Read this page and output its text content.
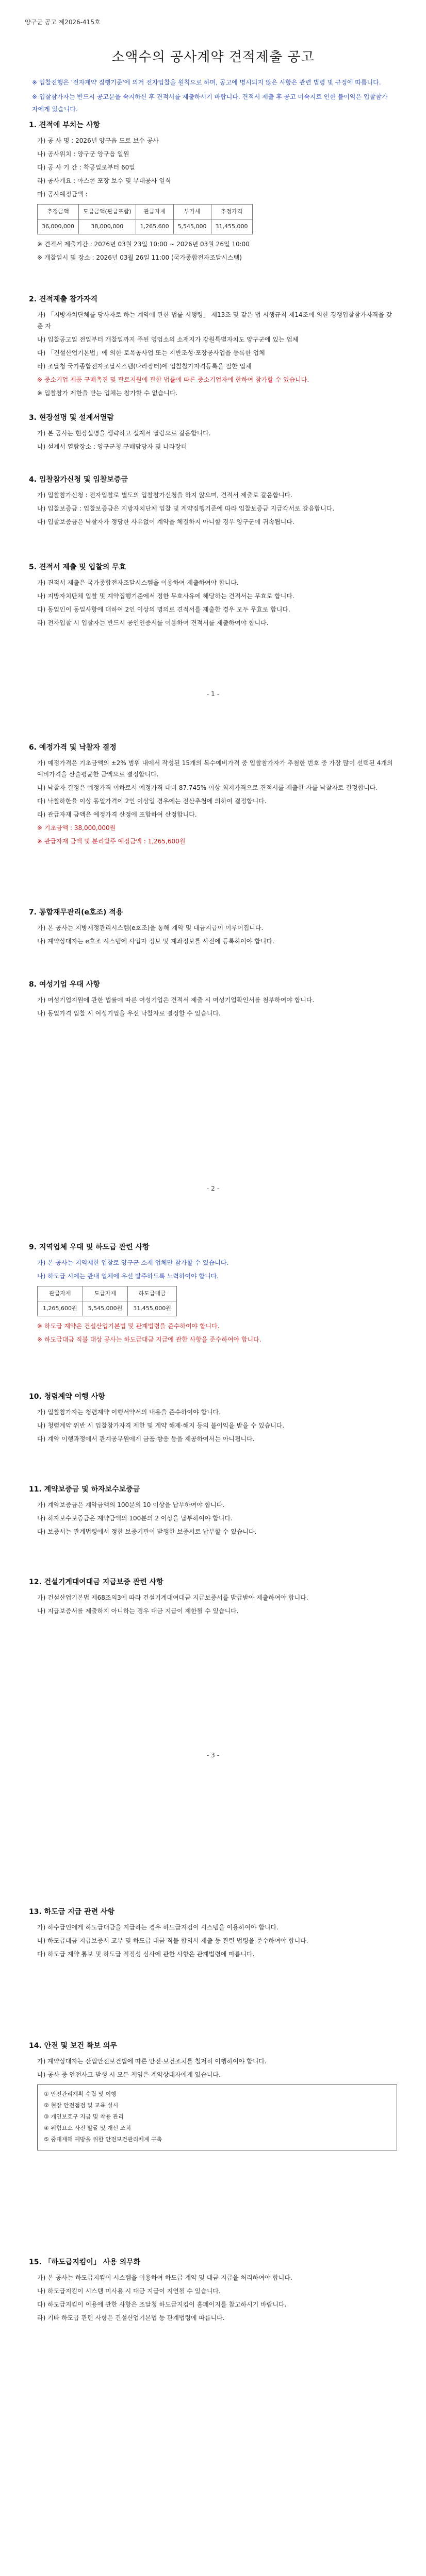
양구군 공고 제2026-415호
소액수의 공사계약 견적제출 공고

※ 입찰진행은 '전자계약 집행기준'에 의거 전자입찰을 원칙으로 하며, 공고에 명시되지 않은 사항은 관련 법령 및 규정에 따릅니다.

※ 입찰참가자는 반드시 공고문을 숙지하신 후 견적서를 제출하시기 바랍니다. 견적서 제출 후 공고 미숙지로 인한 불이익은 입찰참가자에게 있습니다.

1. 견적에 부치는 사항

가) 공 사 명 : 2026년 양구읍 도로 보수 공사

나) 공사위치 : 양구군 양구읍 일원

다) 공 사 기 간 : 착공일로부터 60일

라) 공사개요 : 아스콘 포장 보수 및 부대공사 일식

마) 공사예정금액 :

추정금액	도급금액(관급포함)	관급자재	부가세	추정가격
36,000,000	38,000,000	1,265,600	5,545,000	31,455,000

※ 견적서 제출기간 : 2026년 03월 23일 10:00 ~ 2026년 03월 26일 10:00

※ 개찰일시 및 장소 : 2026년 03월 26일 11:00 (국가종합전자조달시스템)

2. 견적제출 참가자격

가) 「지방자치단체를 당사자로 하는 계약에 관한 법률 시행령」 제13조 및 같은 법 시행규칙 제14조에 의한 경쟁입찰참가자격을 갖춘 자

나) 입찰공고일 전일부터 개찰일까지 주된 영업소의 소재지가 강원특별자치도 양구군에 있는 업체

다) 「건설산업기본법」에 의한 토목공사업 또는 지반조성·포장공사업을 등록한 업체

라) 조달청 국가종합전자조달시스템(나라장터)에 입찰참가자격등록을 필한 업체

※ 중소기업 제품 구매촉진 및 판로지원에 관한 법률에 따른 중소기업자에 한하여 참가할 수 있습니다.

※ 입찰참가 제한을 받는 업체는 참가할 수 없습니다.

3. 현장설명 및 설계서열람

가) 본 공사는 현장설명을 생략하고 설계서 열람으로 갈음합니다.

나) 설계서 열람장소 : 양구군청 구매담당자 및 나라장터

4. 입찰참가신청 및 입찰보증금

가) 입찰참가신청 : 전자입찰로 별도의 입찰참가신청을 하지 않으며, 견적서 제출로 갈음합니다.

나) 입찰보증금 : 입찰보증금은 지방자치단체 입찰 및 계약집행기준에 따라 입찰보증금 지급각서로 갈음합니다.

다) 입찰보증금은 낙찰자가 정당한 사유없이 계약을 체결하지 아니할 경우 양구군에 귀속됩니다.

5. 견적서 제출 및 입찰의 무효

가) 견적서 제출은 국가종합전자조달시스템을 이용하여 제출하여야 합니다.

나) 지방자치단체 입찰 및 계약집행기준에서 정한 무효사유에 해당하는 견적서는 무효로 합니다.

다) 동일인이 동일사항에 대하여 2인 이상의 명의로 견적서를 제출한 경우 모두 무효로 합니다.

라) 전자입찰 시 입찰자는 반드시 공인인증서를 이용하여 견적서를 제출하여야 합니다.

- 1 -
6. 예정가격 및 낙찰자 결정

가) 예정가격은 기초금액의 ±2% 범위 내에서 작성된 15개의 복수예비가격 중 입찰참가자가 추첨한 번호 중 가장 많이 선택된 4개의 예비가격을 산술평균한 금액으로 결정합니다.

나) 낙찰자 결정은 예정가격 이하로서 예정가격 대비 87.745% 이상 최저가격으로 견적서를 제출한 자를 낙찰자로 결정합니다.

다) 낙찰하한율 이상 동일가격이 2인 이상일 경우에는 전산추첨에 의하여 결정합니다.

라) 관급자재 금액은 예정가격 산정에 포함하여 산정합니다.

※ 기초금액 : 38,000,000원

※ 관급자재 금액 및 분리발주 예정금액 : 1,265,600원

7. 통합재무관리(e호조) 적용

가) 본 공사는 지방재정관리시스템(e호조)을 통해 계약 및 대금지급이 이루어집니다.

나) 계약상대자는 e호조 시스템에 사업자 정보 및 계좌정보를 사전에 등록하여야 합니다.

8. 여성기업 우대 사항

가) 여성기업지원에 관한 법률에 따른 여성기업은 견적서 제출 시 여성기업확인서를 첨부하여야 합니다.

나) 동일가격 입찰 시 여성기업을 우선 낙찰자로 결정할 수 있습니다.

- 2 -
9. 지역업체 우대 및 하도급 관련 사항

가) 본 공사는 지역제한 입찰로 양구군 소재 업체만 참가할 수 있습니다.

나) 하도급 시에는 관내 업체에 우선 발주하도록 노력하여야 합니다.

관급자재	도급자재	하도급대금
1,265,600원	5,545,000원	31,455,000원

※ 하도급 계약은 건설산업기본법 및 관계법령을 준수하여야 합니다.

※ 하도급대금 직불 대상 공사는 하도급대금 지급에 관한 사항을 준수하여야 합니다.

10. 청렴계약 이행 사항

가) 입찰참가자는 청렴계약 이행서약서의 내용을 준수하여야 합니다.

나) 청렴계약 위반 시 입찰참가자격 제한 및 계약 해제·해지 등의 불이익을 받을 수 있습니다.

다) 계약 이행과정에서 관계공무원에게 금품·향응 등을 제공하여서는 아니됩니다.

11. 계약보증금 및 하자보수보증금

가) 계약보증금은 계약금액의 100분의 10 이상을 납부하여야 합니다.

나) 하자보수보증금은 계약금액의 100분의 2 이상을 납부하여야 합니다.

다) 보증서는 관계법령에서 정한 보증기관이 발행한 보증서로 납부할 수 있습니다.

12. 건설기계대여대금 지급보증 관련 사항

가) 건설산업기본법 제68조의3에 따라 건설기계대여대금 지급보증서를 발급받아 제출하여야 합니다.

나) 지급보증서를 제출하지 아니하는 경우 대금 지급이 제한될 수 있습니다.

- 3 -
13. 하도급 지급 관련 사항

가) 하수급인에게 하도급대금을 지급하는 경우 하도급지킴이 시스템을 이용하여야 합니다.

나) 하도급대금 지급보증서 교부 및 하도급 대금 직불 합의서 제출 등 관련 법령을 준수하여야 합니다.

다) 하도급 계약 통보 및 하도급 적정성 심사에 관한 사항은 관계법령에 따릅니다.

14. 안전 및 보건 확보 의무

가) 계약상대자는 산업안전보건법에 따른 안전·보건조치를 철저히 이행하여야 합니다.

나) 공사 중 안전사고 발생 시 모든 책임은 계약상대자에게 있습니다.

① 안전관리계획 수립 및 이행

② 현장 안전점검 및 교육 실시

③ 개인보호구 지급 및 착용 관리

④ 위험요소 사전 발굴 및 개선 조치

⑤ 중대재해 예방을 위한 안전보건관리체계 구축

15. 「하도급지킴이」 사용 의무화

가) 본 공사는 하도급지킴이 시스템을 이용하여 하도급 계약 및 대금 지급을 처리하여야 합니다.

나) 하도급지킴이 시스템 미사용 시 대금 지급이 지연될 수 있습니다.

다) 하도급지킴이 이용에 관한 사항은 조달청 하도급지킴이 홈페이지를 참고하시기 바랍니다.

라) 기타 하도급 관련 사항은 건설산업기본법 등 관계법령에 따릅니다.
